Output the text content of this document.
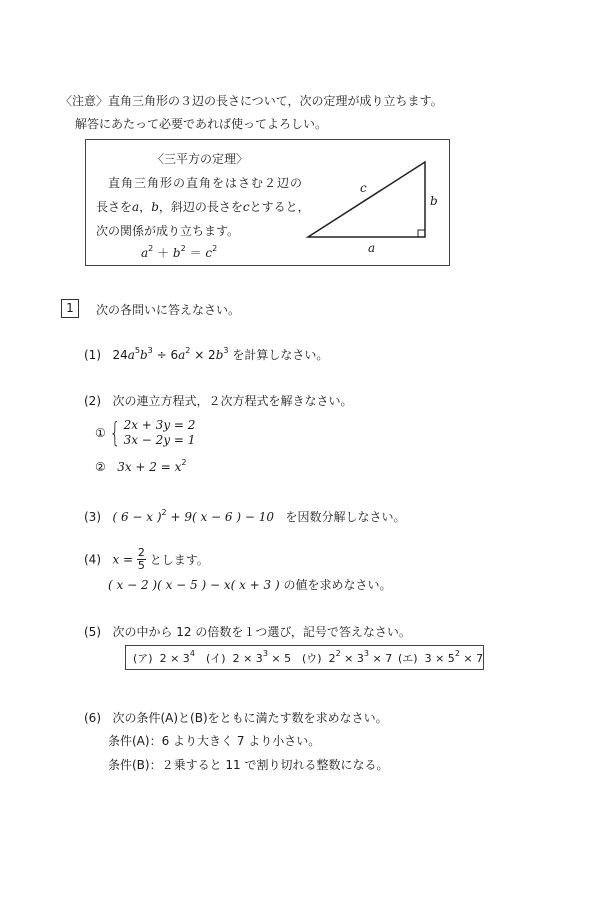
〈注意〉直角三角形の３辺の長さについて，次の定理が成り立ちます。
解答にあたって必要であれば使ってよろしい。
〈三平方の定理〉
直角三角形の直角をはさむ２辺の
長さをa，b，斜辺の長さをcとすると，
次の関係が成り立ちます。
$a^2 + b^2 = c^2$
c
b
a
1	次の各問いに答えなさい。
(1) $24a^5b^3 \div 6a^2 \times 2b^3$ を計算しなさい。
(2) 次の連立方程式，２次方程式を解きなさい。
① { 2x + 3y = 2
3x − 2y = 1
② $3x + 2 = x^2$
(3) ( 6 − x )$^2$ + 9( x − 6 ) − 10 を因数分解しなさい。
(4) $x = \frac{2}{5}$ とします。
( x − 2 )( x − 5 ) − x( x + 3 ) の値を求めなさい。
(5) 次の中から 12 の倍数を１つ選び，記号で答えなさい。
(ア) $2 \times 3^4$ (イ) $2 \times 3^3 \times 5$ (ウ) $2^2 \times 3^3 \times 7$ (エ) $3 \times 5^2 \times 7$
(6) 次の条件(A)と(B)をともに満たす数を求めなさい。
条件(A)：6 より大きく 7 より小さい。
条件(B)：２乗すると 11 で割り切れる整数になる。
